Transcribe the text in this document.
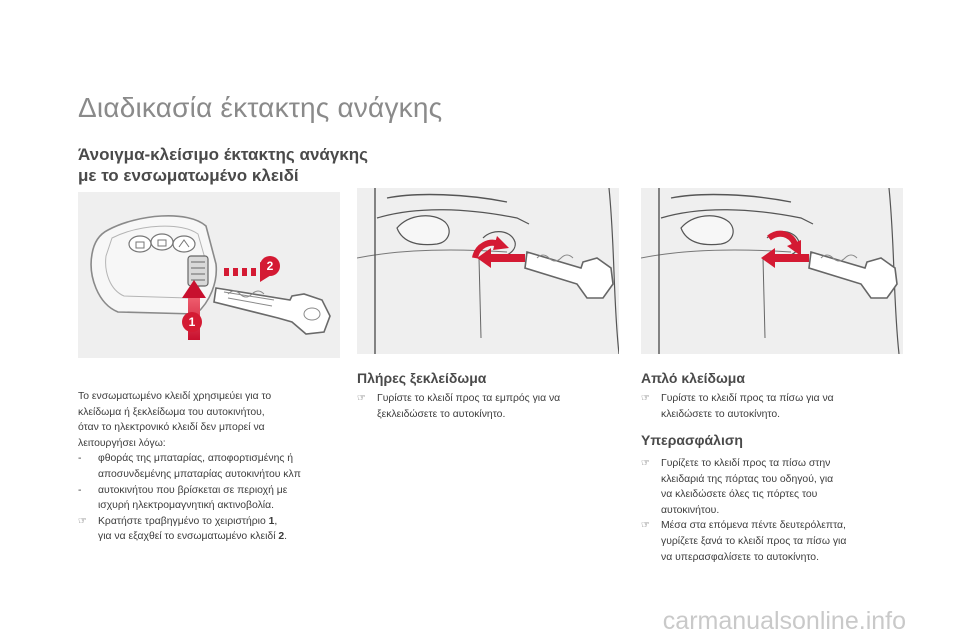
Διαδικασία έκτακτης ανάγκης
Άνοιγμα-κλείσιμο έκτακτης ανάγκης
με το ενσωματωμένο κλειδί
1
2

Το ενσωματωμένο κλειδί χρησιμεύει για το

κλείδωμα ή ξεκλείδωμα του αυτοκινήτου,

όταν το ηλεκτρονικό κλειδί δεν μπορεί να

λειτουργήσει λόγω:

- φθοράς της μπαταρίας, αποφορτισμένης ή

αποσυνδεμένης μπαταρίας αυτοκινήτου κλπ

- αυτοκινήτου που βρίσκεται σε περιοχή με

ισχυρή ηλεκτρομαγνητική ακτινοβολία.

☞ Κρατήστε τραβηγμένο το χειριστήριο 1,

για να εξαχθεί το ενσωματωμένο κλειδί 2.

Πλήρες ξεκλείδωμα
☞ Γυρίστε το κλειδί προς τα εμπρός για να
ξεκλειδώσετε το αυτοκίνητο.
Απλό κλείδωμα
☞ Γυρίστε το κλειδί προς τα πίσω για να
κλειδώσετε το αυτοκίνητο.
Υπερασφάλιση
☞ Γυρίζετε το κλειδί προς τα πίσω στην
κλειδαριά της πόρτας του οδηγού, για
να κλειδώσετε όλες τις πόρτες του
αυτοκινήτου.
☞ Μέσα στα επόμενα πέντε δευτερόλεπτα,
γυρίζετε ξανά το κλειδί προς τα πίσω για
να υπερασφαλίσετε το αυτοκίνητο.
carmanualsonline.info
